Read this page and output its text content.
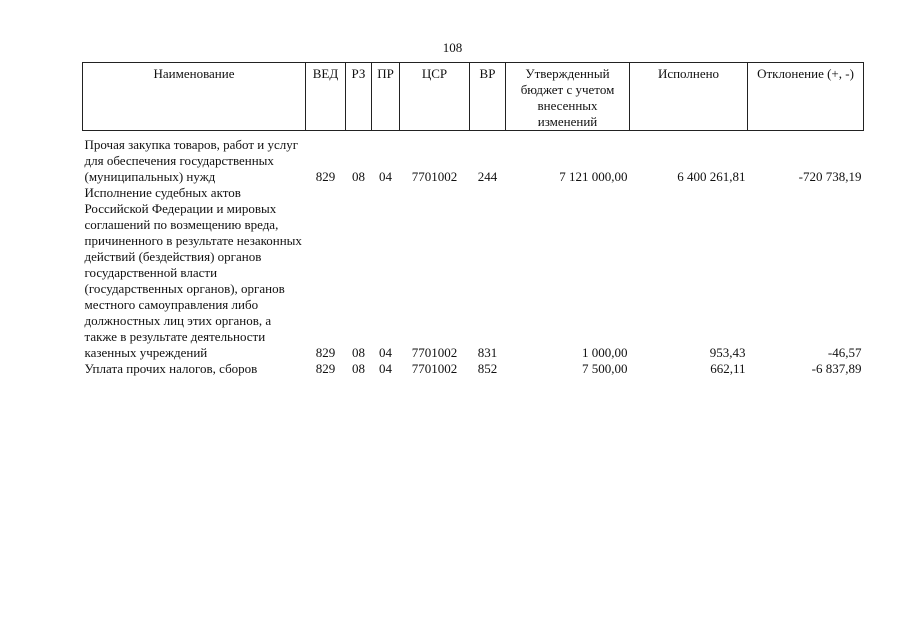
108
Наименование	ВЕД	РЗ	ПР	ЦСР	ВР	Утвержденный бюджет с учетом внесенных изменений	Исполнено	Отклонение (+, -)

Прочая закупка товаров, работ и услуг для обеспечения государственных (муниципальных) нужд	829	08	04	7701002	244	7 121 000,00	6 400 261,81	-720 738,19
Исполнение судебных актов Российской Федерации и мировых соглашений по возмещению вреда, причиненного в результате незаконных действий (бездействия) органов государственной власти (государственных органов), органов местного самоуправления либо должностных лиц этих органов, а также в результате деятельности казенных учреждений	829	08	04	7701002	831	1 000,00	953,43	-46,57
Уплата прочих налогов, сборов	829	08	04	7701002	852	7 500,00	662,11	-6 837,89
